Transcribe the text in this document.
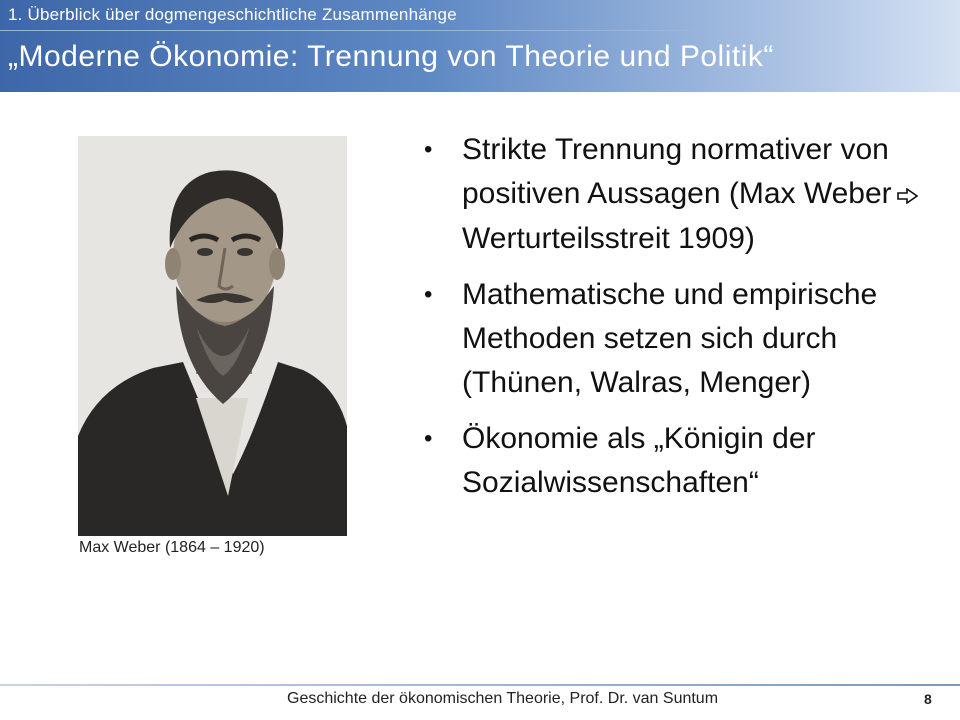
1. Überblick über dogmengeschichtliche Zusammenhänge
„Moderne Ökonomie: Trennung von Theorie und Politik“
Max Weber (1864 – 1920)
• Strikte Trennung normativer von positiven Aussagen (Max WeberWerturteilsstreit 1909)
• Mathematische und empirische Methoden setzen sich durch (Thünen, Walras, Menger)
• Ökonomie als „Königin der Sozialwissenschaften“
Geschichte der ökonomischen Theorie, Prof. Dr. van Suntum	8
